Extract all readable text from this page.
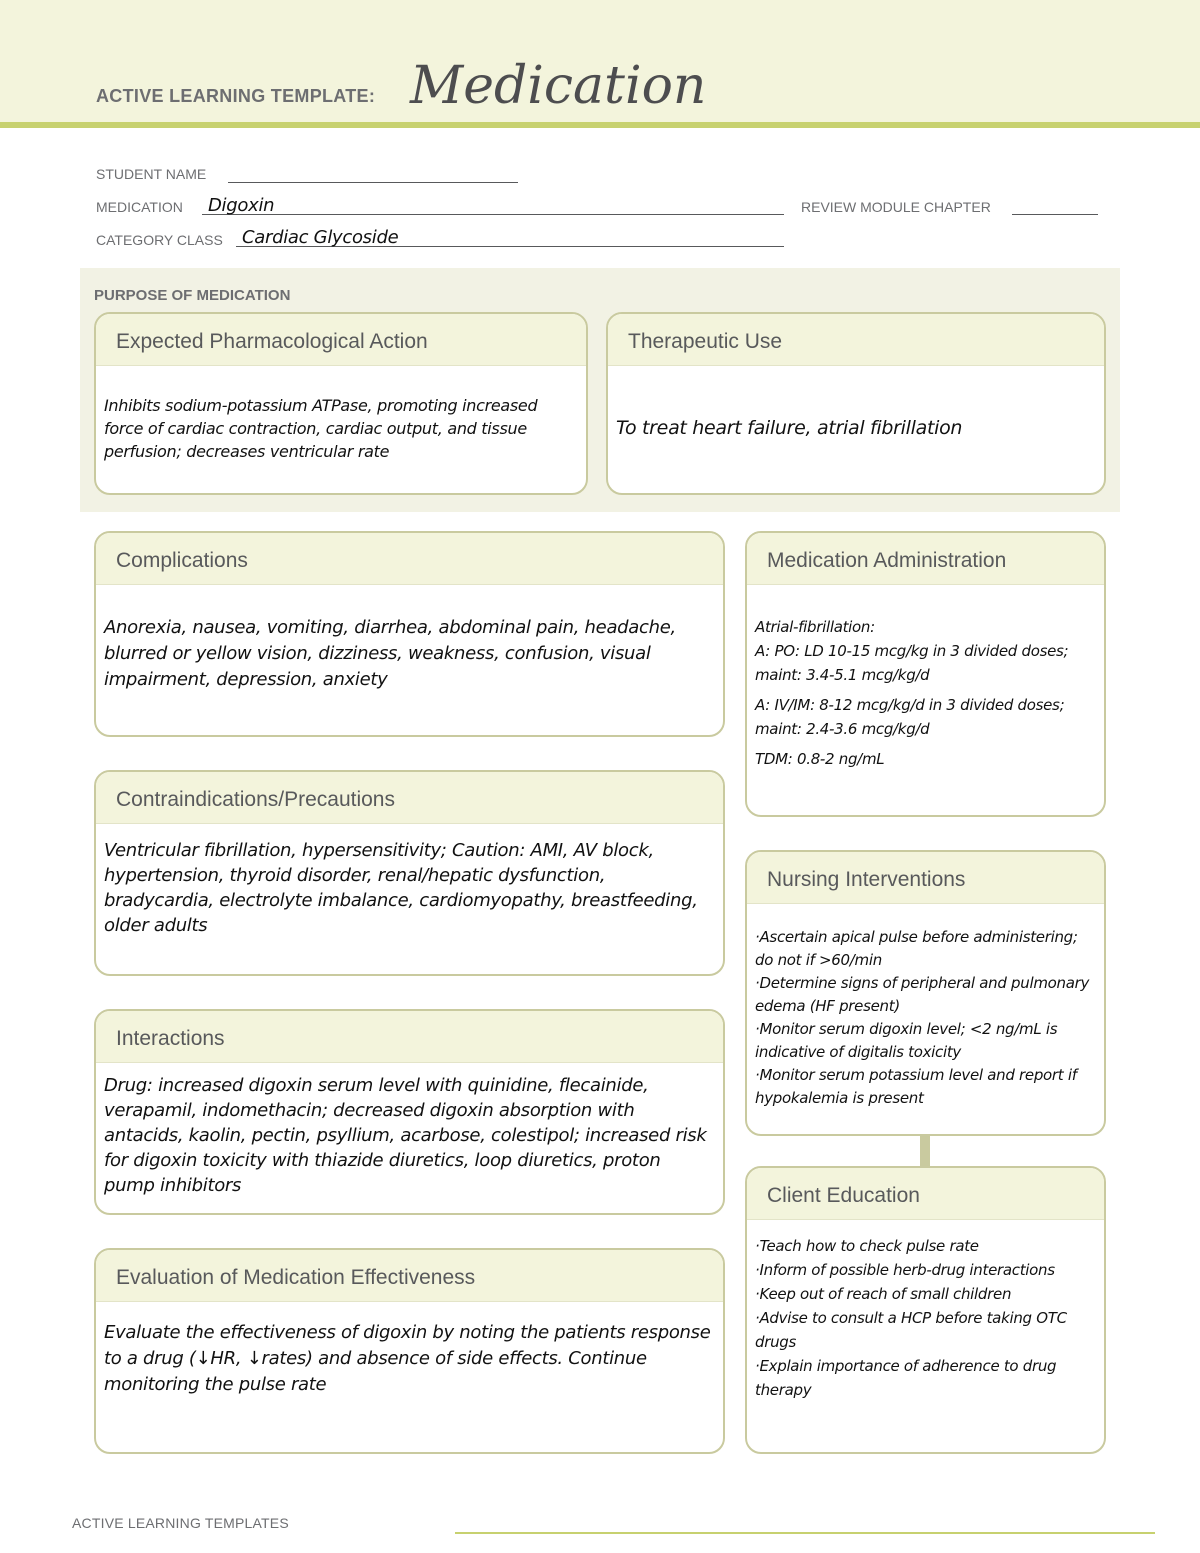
ACTIVE LEARNING TEMPLATE: Medication
STUDENT NAME
MEDICATION Digoxin	REVIEW MODULE CHAPTER
CATEGORY CLASS Cardiac Glycoside
PURPOSE OF MEDICATION
Expected Pharmacological Action
Inhibits sodium-potassium ATPase, promoting increased force of cardiac contraction, cardiac output, and tissue perfusion; decreases ventricular rate
Therapeutic Use
To treat heart failure, atrial fibrillation
Complications
Anorexia, nausea, vomiting, diarrhea, abdominal pain, headache, blurred or yellow vision, dizziness, weakness, confusion, visual impairment, depression, anxiety
Contraindications/Precautions
Ventricular fibrillation, hypersensitivity; Caution: AMI, AV block, hypertension, thyroid disorder, renal/hepatic dysfunction, bradycardia, electrolyte imbalance, cardiomyopathy, breastfeeding, older adults
Interactions
Drug: increased digoxin serum level with quinidine, flecainide, verapamil, indomethacin; decreased digoxin absorption with antacids, kaolin, pectin, psyllium, acarbose, colestipol; increased risk for digoxin toxicity with thiazide diuretics, loop diuretics, proton pump inhibitors
Evaluation of Medication Effectiveness
Evaluate the effectiveness of digoxin by noting the patients response to a drug (↓HR, ↓rates) and absence of side effects. Continue monitoring the pulse rate
Medication Administration
Atrial-fibrillation:
A: PO: LD 10-15 mcg/kg in 3 divided doses;
maint: 3.4-5.1 mcg/kg/d
A: IV/IM: 8-12 mcg/kg/d in 3 divided doses;
maint: 2.4-3.6 mcg/kg/d
TDM: 0.8-2 ng/mL
Nursing Interventions
·Ascertain apical pulse before administering; do not if >60/min
·Determine signs of peripheral and pulmonary edema (HF present)
·Monitor serum digoxin level; <2 ng/mL is indicative of digitalis toxicity
·Monitor serum potassium level and report if hypokalemia is present
Client Education
·Teach how to check pulse rate
·Inform of possible herb-drug interactions
·Keep out of reach of small children
·Advise to consult a HCP before taking OTC drugs
·Explain importance of adherence to drug therapy
ACTIVE LEARNING TEMPLATES
